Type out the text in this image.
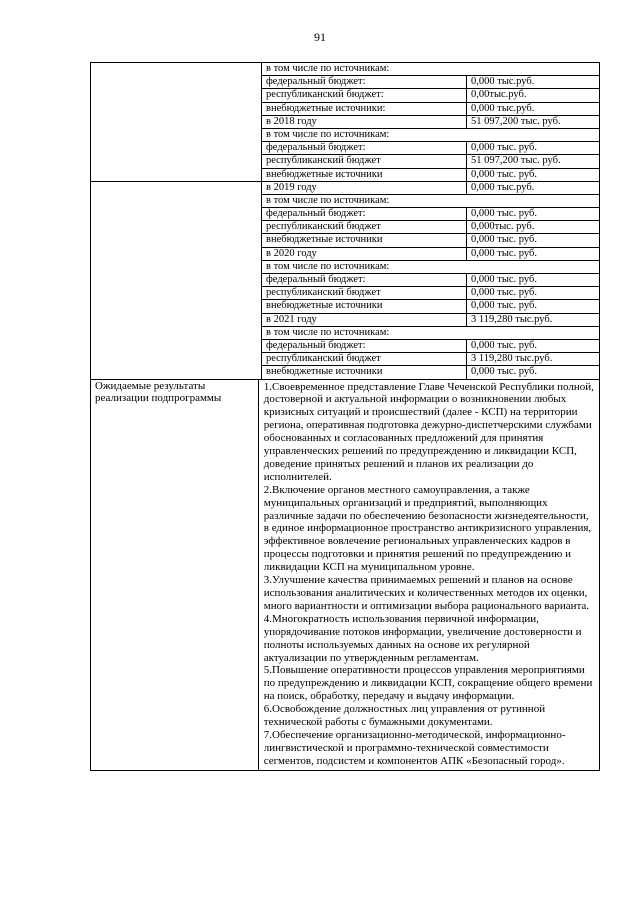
91
в том числе по источникам:
федеральный бюджет:	0,000 тыс.руб.
республиканский бюджет:	0,00тыс.руб.
внебюджетные источники:	0,000 тыс.руб.
в 2018 году	51 097,200 тыс. руб.
в том числе по источникам:
федеральный бюджет:	0,000 тыс. руб.
республиканский бюджет	51 097,200 тыс. руб.
внебюджетные источники	0,000 тыс. руб.
в 2019 году	0,000 тыс.руб.
в том числе по источникам:
федеральный бюджет:	0,000 тыс. руб.
республиканский бюджет	0,000тыс. руб.
внебюджетные источники	0,000 тыс. руб.
в 2020 году	0,000 тыс. руб.
в том числе по источникам:
федеральный бюджет:	0,000 тыс. руб.
республиканский бюджет	0,000 тыс. руб.
внебюджетные источники	0,000 тыс. руб.
в 2021 году	3 119,280 тыс.руб.
в том числе по источникам:
федеральный бюджет:	0,000 тыс. руб.
республиканский бюджет	3 119,280 тыс.руб.
внебюджетные источники	0,000 тыс. руб.
Ожидаемые результаты реализации подпрограммы

1.Своевременное представление Главе Чеченской Республики полной, достоверной и актуальной информации о возникновении любых кризисных ситуаций и происшествий (далее - КСП) на территории региона, оперативная подготовка дежурно-диспетчерскими службами обоснованных и согласованных предложений для принятия управленческих решений по предупреждению и ликвидации КСП, доведение принятых решений и планов их реализации до исполнителей.

2.Включение органов местного самоуправления, а также муниципальных организаций и предприятий, выполняющих различные задачи по обеспечению безопасности жизнедеятельности, в единое информационное пространство антикризисного управления, эффективное вовлечение региональных управленческих кадров в процессы подготовки и принятия решений по предупреждению и ликвидации КСП на муниципальном уровне.

3.Улучшение качества принимаемых решений и планов на основе использования аналитических и количественных методов их оценки, много вариантности и оптимизации выбора рационального варианта.

4.Многократность использования первичной информации, упорядочивание потоков информации, увеличение достоверности и полноты используемых данных на основе их регулярной актуализации по утвержденным регламентам.

5.Повышение оперативности процессов управления мероприятиями по предупреждению и ликвидации КСП, сокращение общего времени на поиск, обработку, передачу и выдачу информации.

6.Освобождение должностных лиц управления от рутинной технической работы с бумажными документами.

7.Обеспечение организационно-методической, информационно-лингвистической и программно-технической совместимости сегментов, подсистем и компонентов АПК «Безопасный город».
